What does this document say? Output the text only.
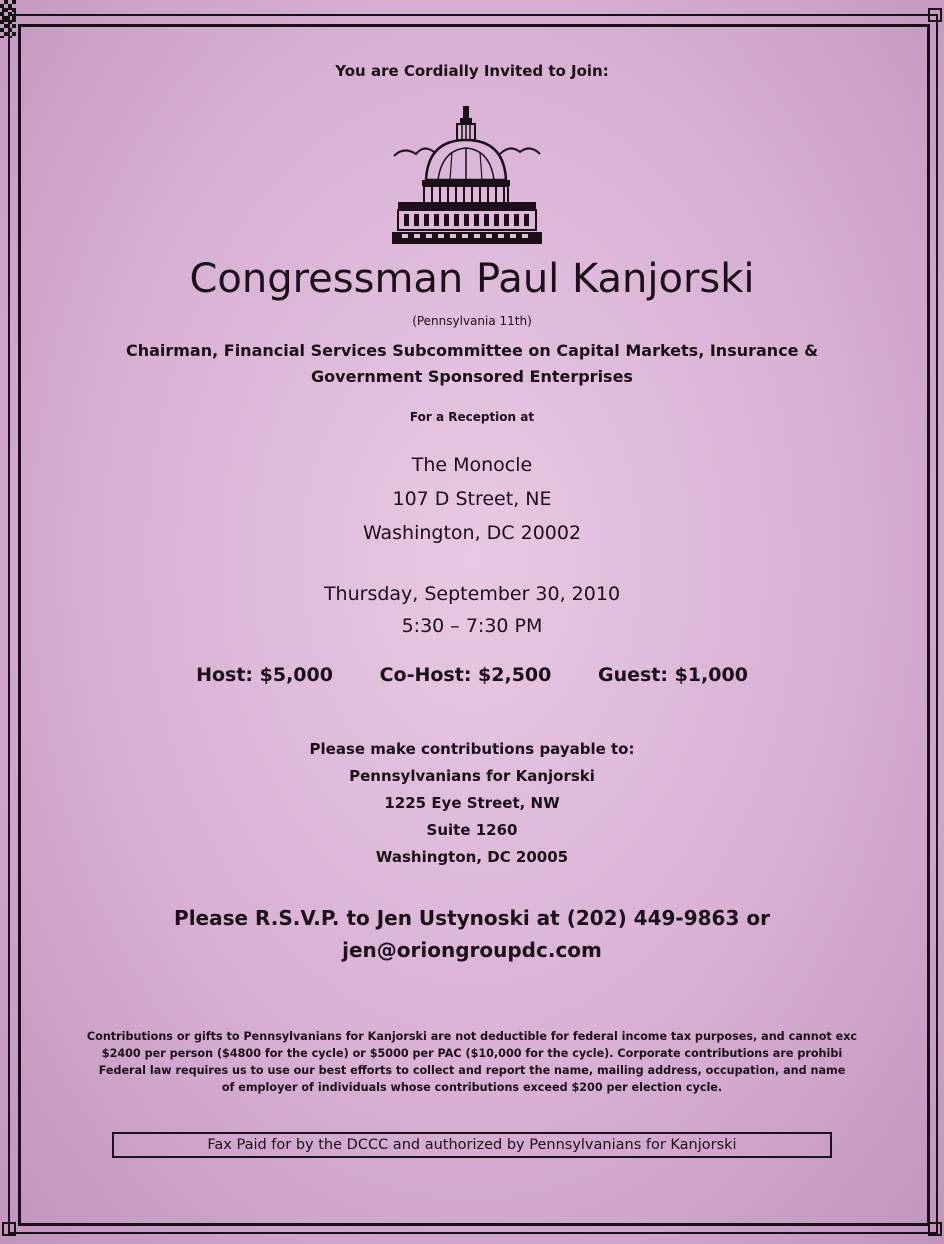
You are Cordially Invited to Join:
Congressman Paul Kanjorski
(Pennsylvania 11th)
Chairman, Financial Services Subcommittee on Capital Markets, Insurance &
Government Sponsored Enterprises
For a Reception at
The Monocle
107 D Street, NE
Washington, DC 20002
Thursday, September 30, 2010
5:30 – 7:30 PM
Host: $5,000 Co-Host: $2,500 Guest: $1,000
Please make contributions payable to:
Pennsylvanians for Kanjorski
1225 Eye Street, NW
Suite 1260
Washington, DC 20005
Please R.S.V.P. to Jen Ustynoski at (202) 449-9863 or
jen@oriongroupdc.com
Contributions or gifts to Pennsylvanians for Kanjorski are not deductible for federal income tax purposes, and cannot exc
$2400 per person ($4800 for the cycle) or $5000 per PAC ($10,000 for the cycle). Corporate contributions are prohibi
Federal law requires us to use our best efforts to collect and report the name, mailing address, occupation, and name
of employer of individuals whose contributions exceed $200 per election cycle.
Fax Paid for by the DCCC and authorized by Pennsylvanians for Kanjorski
